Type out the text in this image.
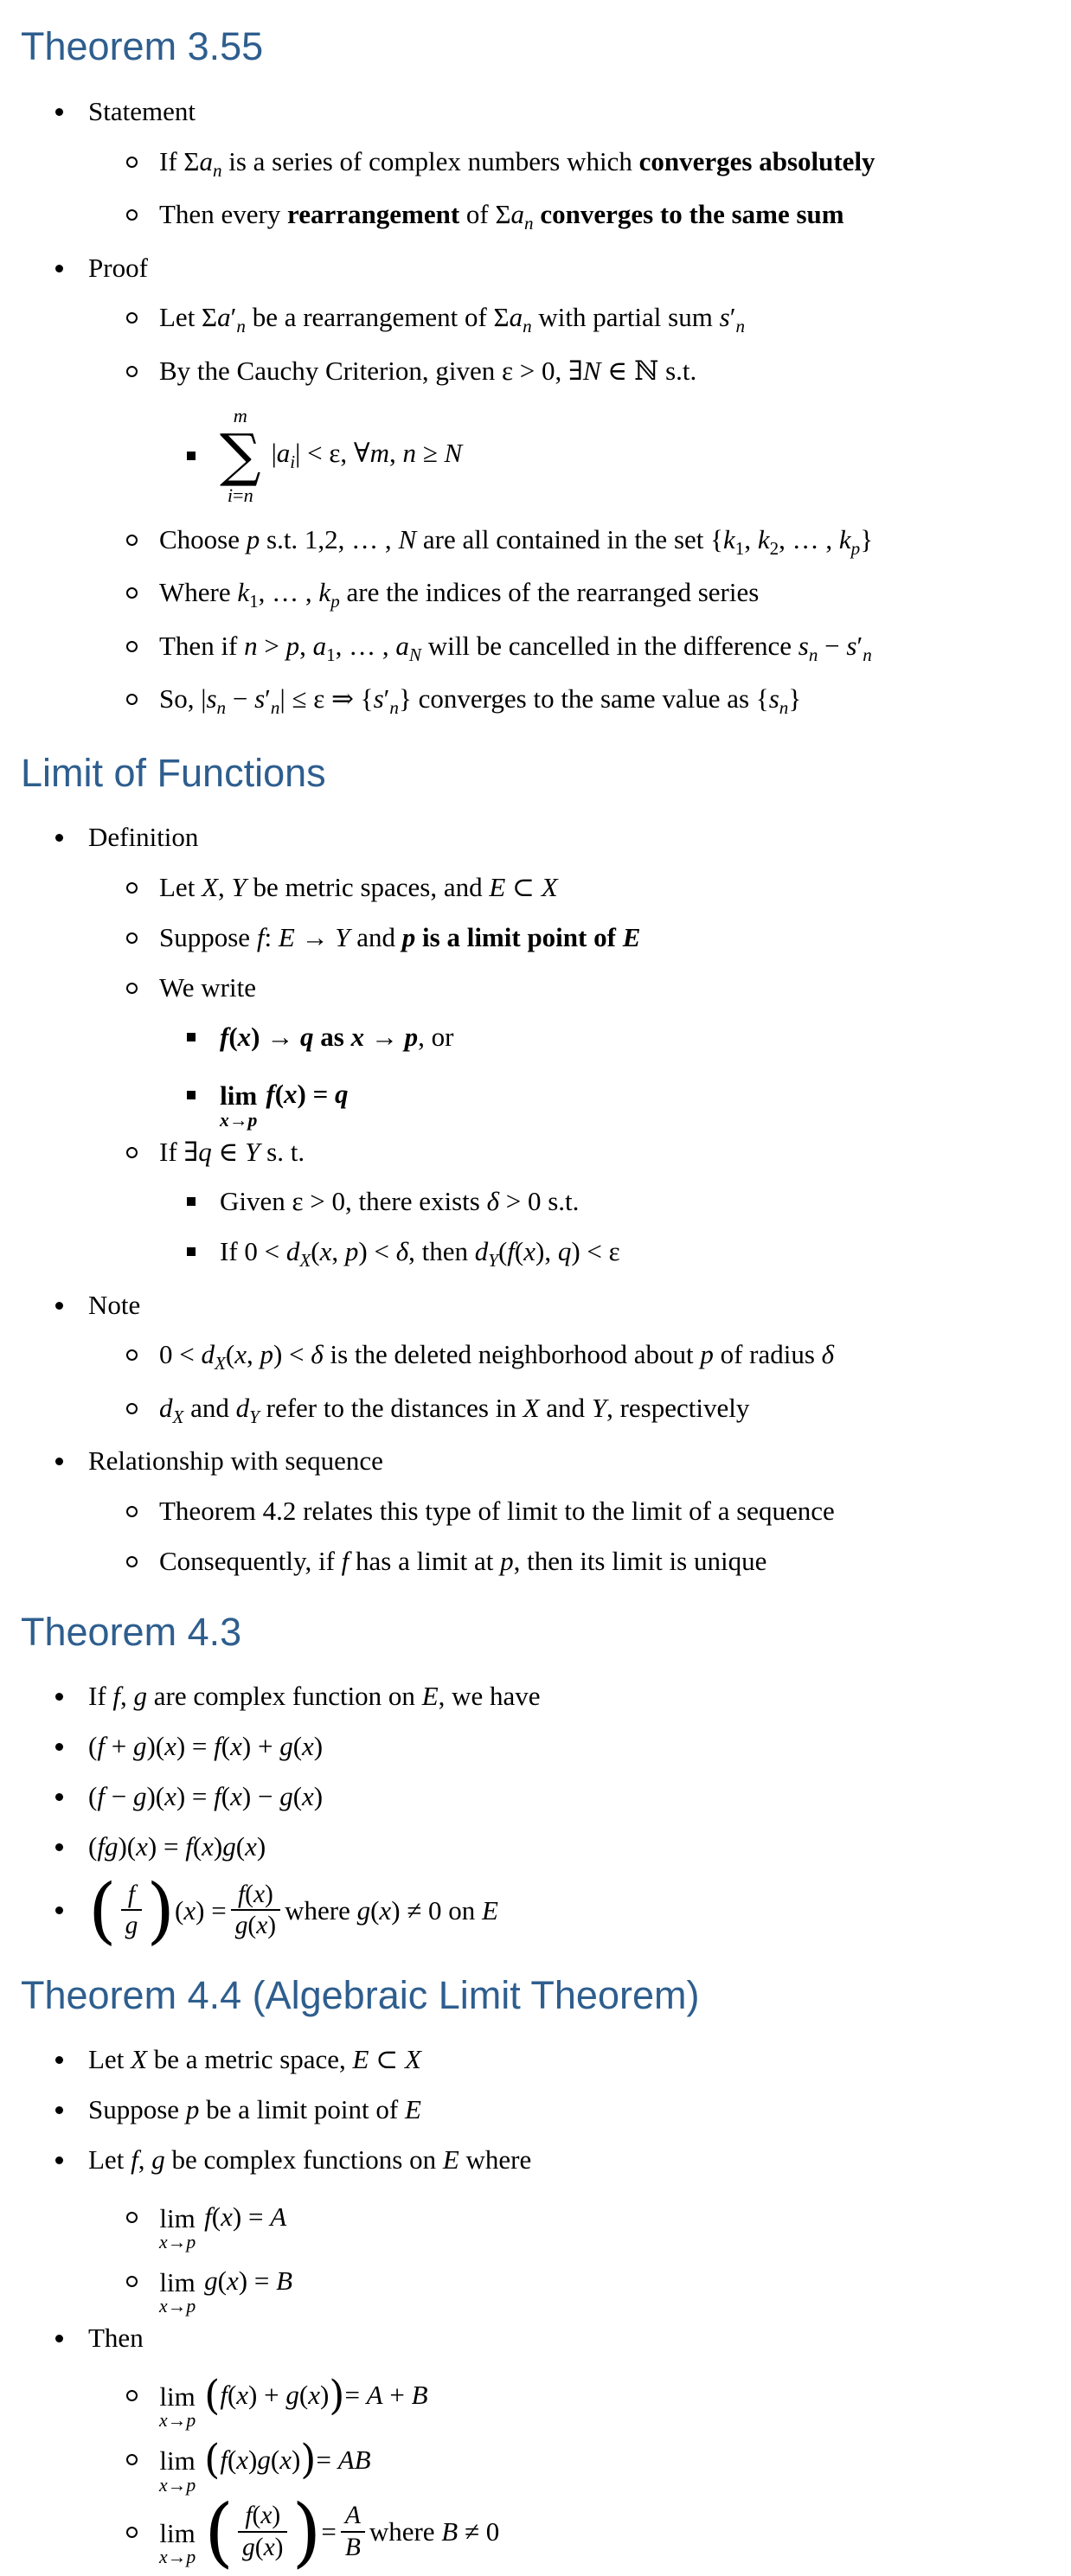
Theorem 3.55
Statement
If $\Sigma a_n$ is a series of complex numbers which converges absolutely
Then every rearrangement of $\Sigma a_n$ converges to the same sum
Proof
Let $\Sigma a'_n$ be a rearrangement of $\Sigma a_n$ with partial sum $s'_n$
By the Cauchy Criterion, given ε > 0, ∃N ∈ ℕ s.t.
m
∑
i=n
$|a_i| < \varepsilon$, ∀m, n ≥ N
Choose p s.t. 1,2, … , N are all contained in the set {$k_1$, $k_2$, … , $k_p$}
Where $k_1$, … , $k_p$ are the indices of the rearranged series
Then if n > p, $a_1$, … , $a_N$ will be cancelled in the difference $s_n - s'_n$
So, $|s_n - s'_n| \le \varepsilon$ ⇒ $\{s'_n\}$ converges to the same value as $\{s_n\}$
Limit of Functions
Definition
Let X, Y be metric spaces, and E ⊂ X
Suppose f: E → Y and p is a limit point of E
We write
f(x) → q as x → p, or
lim
x→p
f(x) = q
If ∃q ∈ Y s. t.
Given ε > 0, there exists δ > 0 s.t.
If $0 < d_X(x$, p) < δ, then $d_Y(f(x)$, q) < ε
Note
$0 < d_X(x$, p) < δ is the deleted neighborhood about p of radius δ
$d_X$ and $d_Y$ refer to the distances in X and Y, respectively
Relationship with sequence
Theorem 4.2 relates this type of limit to the limit of a sequence
Consequently, if f has a limit at p, then its limit is unique
Theorem 4.3
If f, g are complex function on E, we have
(f + g)(x) = f(x) + g(x)
(f − g)(x) = f(x) − g(x)
(fg)(x) = f(x)g(x)
( $\frac{f}{g}$ ) $(x) = \frac{f(x)}{g(x)}$ where g(x) ≠ 0 on E
Theorem 4.4 (Algebraic Limit Theorem)
Let X be a metric space, E ⊂ X
Suppose p be a limit point of E
Let f, g be complex functions on E where
lim
x→p
f(x) = A
lim
x→p
g(x) = B
Then
lim
x→p
( f(x) + g(x) ) = A + B
lim
x→p
( f(x)g(x) ) = AB
lim
x→p ( $\frac{f(x)}{g(x)}$ ) = $\frac{A}{B}$ where B ≠ 0
